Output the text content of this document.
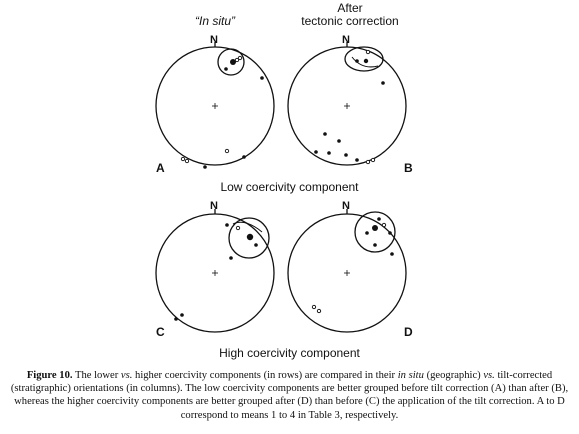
“In situ”
After
tectonic correction
N	N
N	N
A	B
C	D
Low coercivity component
High coercivity component
Figure 10. The lower vs. higher coercivity components (in rows) are compared in their in situ (geographic) vs. tilt-corrected (stratigraphic) orientations (in columns). The low coercivity components are better grouped before tilt correction (A) than after (B), whereas the higher coercivity components are better grouped after (D) than before (C) the application of the tilt correction. A to D correspond to means 1 to 4 in Table 3, respectively.
